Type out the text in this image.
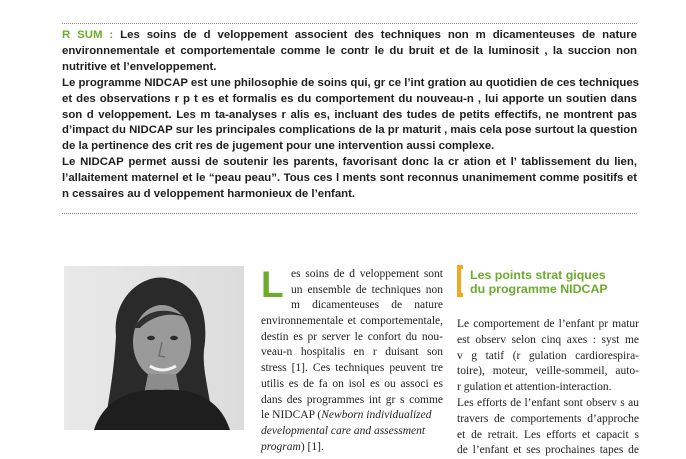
R SUM : Les soins de d veloppement associent des techniques non m dicamenteuses de nature
environnementale et comportementale comme le contr le du bruit et de la luminosit , la succion non
nutritive et l’enveloppement.
Le programme NIDCAP est une philosophie de soins qui, gr ce l’int gration au quotidien de ces techniques
et des observations r p t es et formalis es du comportement du nouveau-n , lui apporte un soutien dans
son d veloppement. Les m ta-analyses r alis es, incluant des tudes de petits effectifs, ne montrent pas
d’impact du NIDCAP sur les principales complications de la pr maturit , mais cela pose surtout la question
de la pertinence des crit res de jugement pour une intervention aussi complexe.
Le NIDCAP permet aussi de soutenir les parents, favorisant donc la cr ation et l’ tablissement du lien,
l’allaitement maternel et le “peau peau”. Tous ces l ments sont reconnus unanimement comme positifs et
n cessaires au d veloppement harmonieux de l’enfant.
L es soins de d veloppement sont
un ensemble de techniques non
m dicamenteuses de nature
environnementale et comportementale,
destin es pr server le confort du nou-
veau-n hospitalis en r duisant son
stress [1]. Ces techniques peuvent tre
utilis es de fa on isol es ou associ es
dans des programmes int gr s comme
le NIDCAP (Newborn individualized
developmental care and assessment
program) [1].
Les points strat giques
du programme NIDCAP
Le comportement de l’enfant pr matur
est observ selon cinq axes : syst me
v g tatif (r gulation cardiorespira-
toire), moteur, veille-sommeil, auto-
r gulation et attention-interaction.
Les efforts de l’enfant sont observ s au
travers de comportements d’approche
et de retrait. Les efforts et capacit s
de l’enfant et ses prochaines tapes de
